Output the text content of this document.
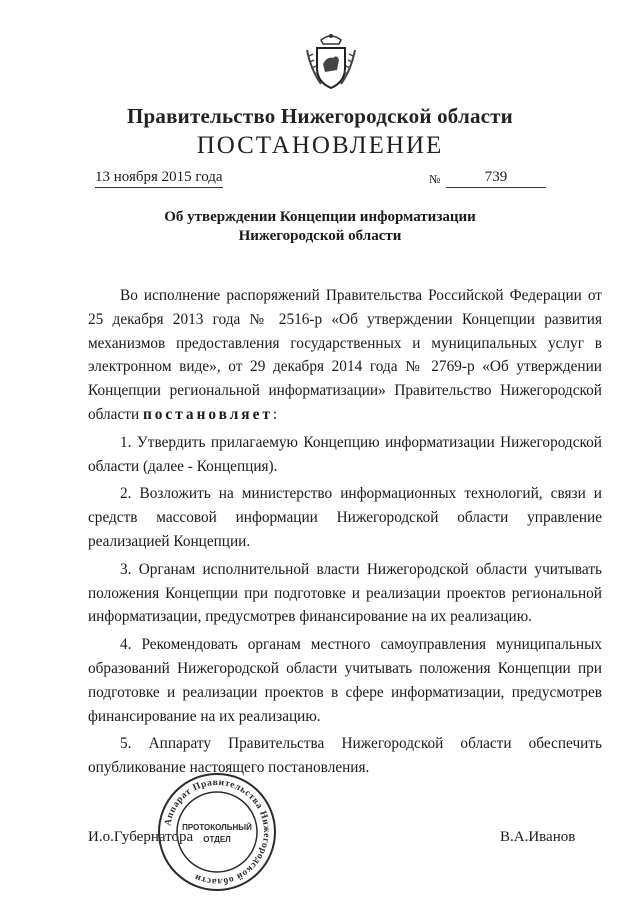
Правительство Нижегородской области
ПОСТАНОВЛЕНИЕ
13 ноября 2015 года	№	739
Об утверждении Концепции информатизации
Нижегородской области

Во исполнение распоряжений Правительства Российской Федерации от 25 декабря 2013 года № 2516-р «Об утверждении Концепции развития механизмов предоставления государственных и муниципальных услуг в электронном виде», от 29 декабря 2014 года № 2769-р «Об утверждении Концепции региональной информатизации» Правительство Нижегородской области постановляет:

1. Утвердить прилагаемую Концепцию информатизации Нижегородской области (далее - Концепция).

2. Возложить на министерство информационных технологий, связи и средств массовой информации Нижегородской области управление реализацией Концепции.

3. Органам исполнительной власти Нижегородской области учитывать положения Концепции при подготовке и реализации проектов региональной информатизации, предусмотрев финансирование на их реализацию.

4. Рекомендовать органам местного самоуправления муниципальных образований Нижегородской области учитывать положения Концепции при подготовке и реализации проектов в сфере информатизации, предусмотрев финансирование на их реализацию.

5. Аппарату Правительства Нижегородской области обеспечить опубликование настоящего постановления.

И.о.Губернатора	В.А.Иванов
Аппарат Правительства Нижегородской области
ПРОТОКОЛЬНЫЙ
ОТДЕЛ
